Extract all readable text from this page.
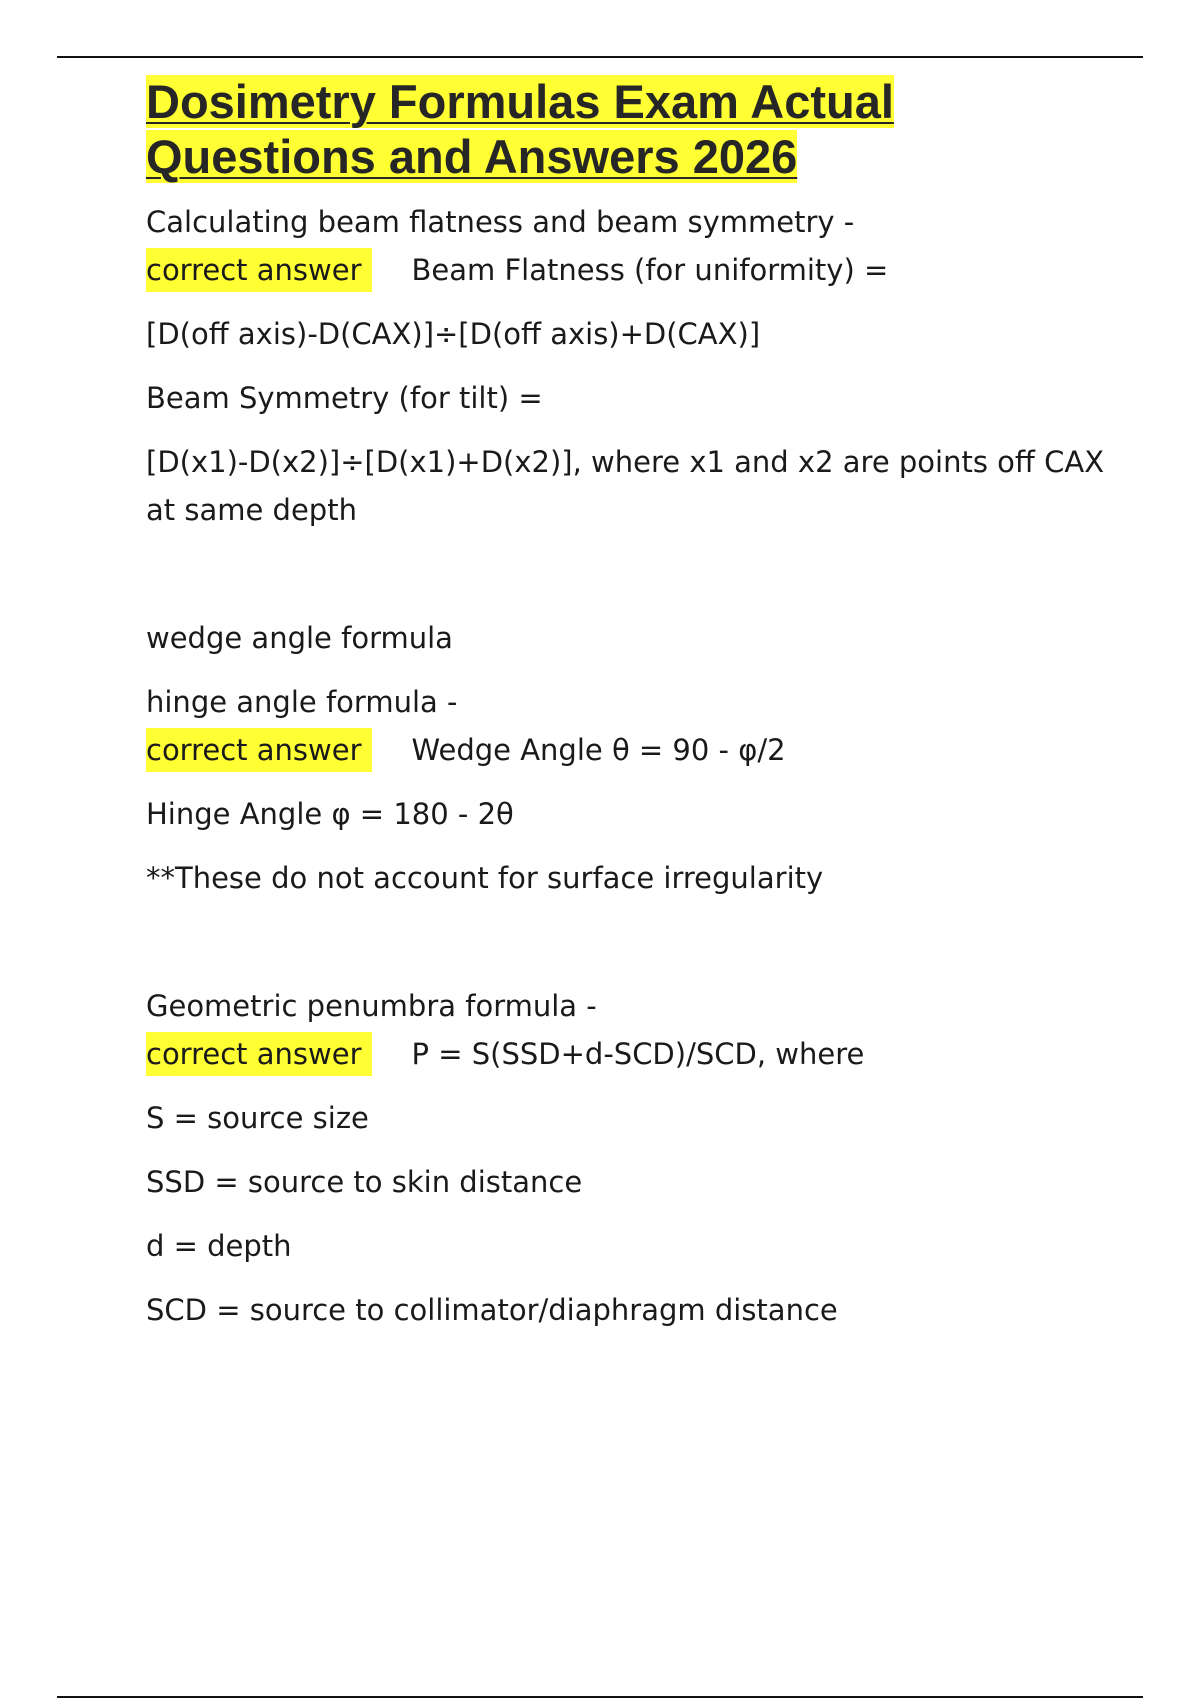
Dosimetry Formulas Exam Actual Questions and Answers 2026
Calculating beam flatness and beam symmetry -
correct answer	Beam Flatness (for uniformity) =
[D(off axis)-D(CAX)]÷[D(off axis)+D(CAX)]
Beam Symmetry (for tilt) =
[D(x1)-D(x2)]÷[D(x1)+D(x2)], where x1 and x2 are points off CAX at same depth
wedge angle formula
hinge angle formula -
correct answer	Wedge Angle θ = 90 - φ/2
Hinge Angle φ = 180 - 2θ
**These do not account for surface irregularity
Geometric penumbra formula -
correct answer	P = S(SSD+d-SCD)/SCD, where
S = source size
SSD = source to skin distance
d = depth
SCD = source to collimator/diaphragm distance
